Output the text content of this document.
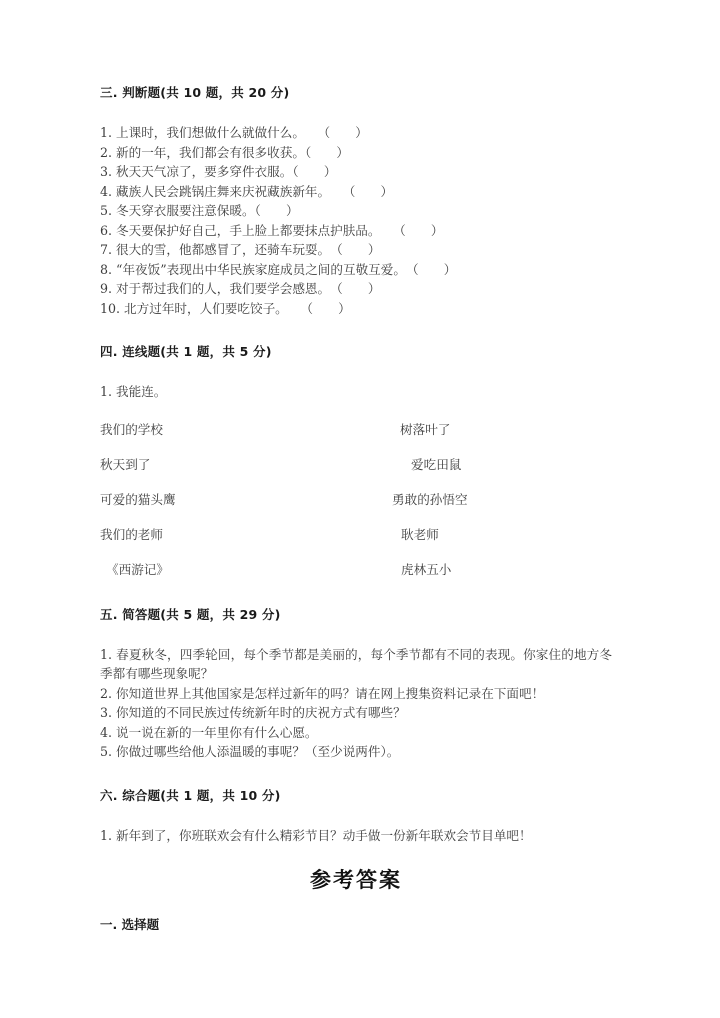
三. 判断题(共 10 题，共 20 分)
1. 上课时，我们想做什么就做什么。　　（　　）
2. 新的一年，我们都会有很多收获。（　　）
3. 秋天天气凉了，要多穿件衣服。（　　）
4. 藏族人民会跳锅庄舞来庆祝藏族新年。　　（　　）
5. 冬天穿衣服要注意保暖。（　　）
6. 冬天要保护好自己，手上脸上都要抹点护肤品。　　（　　）
7. 很大的雪，他都感冒了，还骑车玩耍。　（　　）
8. “年夜饭”表现出中华民族家庭成员之间的互敬互爱。　（　　）
9. 对于帮过我们的人，我们要学会感恩。　（　　）
10. 北方过年时，人们要吃饺子。　　（　　）
四. 连线题(共 1 题，共 5 分)
1. 我能连。
我们的学校	树落叶了
秋天到了	爱吃田鼠
可爱的猫头鹰	勇敢的孙悟空
我们的老师	耿老师
《西游记》	虎林五小
五. 简答题(共 5 题，共 29 分)
1. 春夏秋冬，四季轮回，每个季节都是美丽的，每个季节都有不同的表现。你家住的地方冬季都有哪些现象呢？
2. 你知道世界上其他国家是怎样过新年的吗？请在网上搜集资料记录在下面吧！
3. 你知道的不同民族过传统新年时的庆祝方式有哪些？
4. 说一说在新的一年里你有什么心愿。
5. 你做过哪些给他人添温暖的事呢？（至少说两件）。
六. 综合题(共 1 题，共 10 分)
1. 新年到了，你班联欢会有什么精彩节目？动手做一份新年联欢会节目单吧！
参考答案
一. 选择题
